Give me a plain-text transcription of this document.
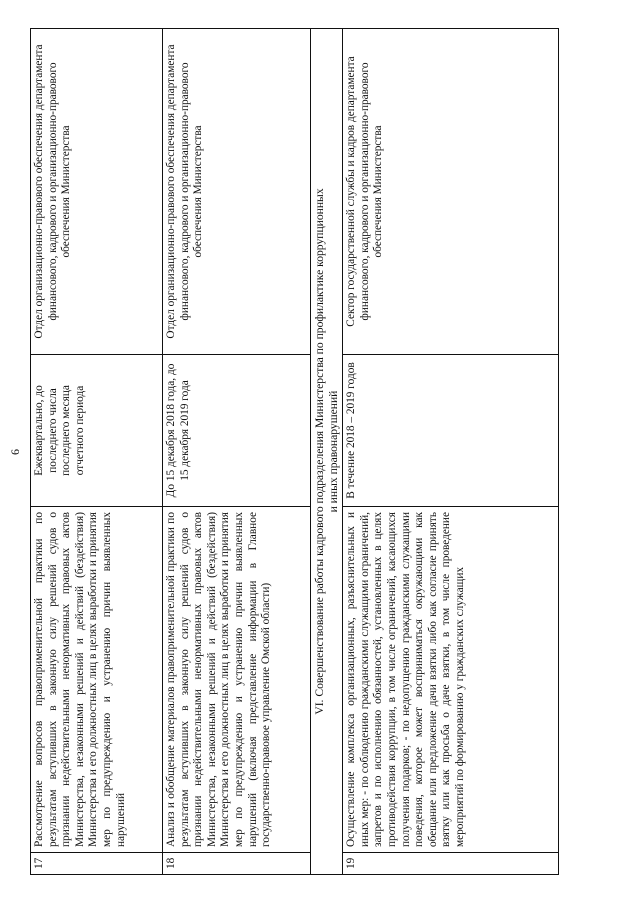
6
17	Рассмотрение вопросов правоприменительной практики по результатам вступивших в законную силу решений судов о признании недействительными ненормативных правовых актов Министерства, незаконными решений и действий (бездействия) Министерства и его должностных лиц в целях выработки и принятия мер по предупреждению и устранению причин выявленных нарушений	Ежеквартально, до последнего числа последнего месяца отчетного периода	Отдел организационно-правового обеспечения департамента финансового, кадрового и организационно-правового обеспечения Министерства
18	Анализ и обобщение материалов правоприменительной практики по результатам вступивших в законную силу решений судов о признании недействительными ненормативных правовых актов Министерства, незаконными решений и действий (бездействия) Министерства и его должностных лиц в целях выработки и принятия мер по предупреждению и устранению причин выявленных нарушений (включая представление информации в Главное государственно-правовое управление Омской области)	До 15 декабря 2018 года, до 15 декабря 2019 года	Отдел организационно-правового обеспечения департамента финансового, кадрового и организационно-правового обеспечения Министерства

VI. Совершенствование работы кадрового подразделения Министерства по профилактике коррупционных и иных правонарушений			

19	Осуществление комплекса организационных, разъяснительных и иных мер: - по соблюдению гражданскими служащими ограничений, запретов и по исполнению обязанностей, установленных в целях противодействия коррупции, в том числе ограничений, касающихся получения подарков; - по недопущению гражданскими служащими поведения, которое может восприниматься окружающими как обещание или предложение дачи взятки либо как согласие принять взятку или как просьба о даче взятки, в том числе проведение мероприятий по формированию у гражданских служащих	В течение 2018 – 2019 годов	Сектор государственной службы и кадров департамента финансового, кадрового и организационно-правового обеспечения Министерства
